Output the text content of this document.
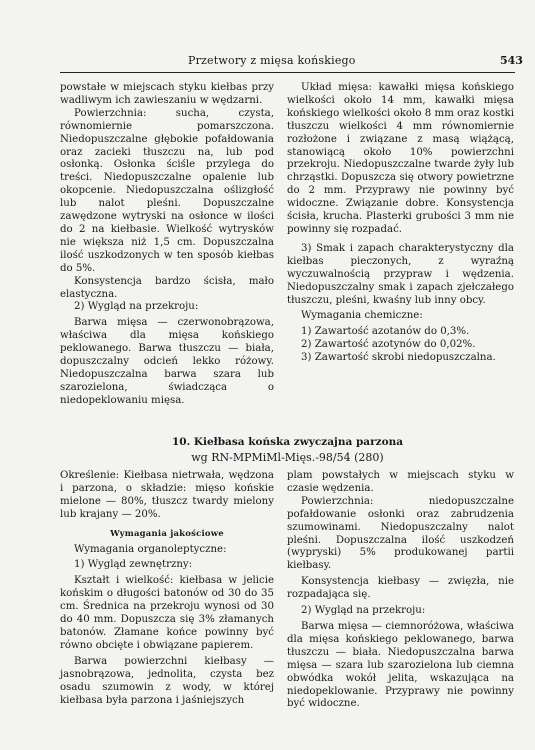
Przetwory z mięsa końskiego	543

powstałe w miejscach styku kiełbas przy wadliwym ich zawieszaniu w wędzarni.

Powierzchnia: sucha, czysta, równomiernie pomarszczona. Niedopuszczalne głębokie pofałdowania oraz zacieki tłuszczu na, lub pod osłonką. Osłonka ściśle przylega do treści. Niedopuszczalne opalenie lub okopcenie. Niedopuszczalna oślizgłość lub nalot pleśni. Dopuszczalne zawędzone wytryski na osłonce w ilości do 2 na kiełbasie. Wielkość wytrysków nie większa niż 1,5 cm. Dopuszczalna ilość uszkodzonych w ten sposób kiełbas do 5%.

Konsystencja bardzo ścisła, mało elastyczna.

2) Wygląd na przekroju:

Barwa mięsa — czerwonobrązowa, właściwa dla mięsa końskiego peklowanego. Barwa tłuszczu — biała, dopuszczalny odcień lekko różowy. Niedopuszczalna barwa szara lub szarozielona, świadcząca o niedopeklowaniu mięsa.

Układ mięsa: kawałki mięsa końskiego wielkości około 14 mm, kawałki mięsa końskiego wielkości około 8 mm oraz kostki tłuszczu wielkości 4 mm równomiernie rozłożone i związane z masą wiążącą, stanowiącą około 10% powierzchni przekroju. Niedopuszczalne twarde żyły lub chrząstki. Dopuszcza się otwory powietrzne do 2 mm. Przyprawy nie powinny być widoczne. Związanie dobre. Konsystencja ścisła, krucha. Plasterki grubości 3 mm nie powinny się rozpadać.

3) Smak i zapach charakterystyczny dla kiełbas pieczonych, z wyraźną wyczuwalnością przypraw i wędzenia. Niedopuszczalny smak i zapach zjełczałego tłuszczu, pleśni, kwaśny lub inny obcy.

Wymagania chemiczne:

1) Zawartość azotanów do 0,3%.

2) Zawartość azotynów do 0,02%.

3) Zawartość skrobi niedopuszczalna.

10. Kiełbasa końska zwyczajna parzona
wg RN-MPMiMl-Mięs.-98/54 (280)

Określenie: Kiełbasa nietrwała, wędzona i parzona, o składzie: mięso końskie mielone — 80%, tłuszcz twardy mielony lub krajany — 20%.

Wymagania jakościowe

Wymagania organoleptyczne:

1) Wygląd zewnętrzny:

Kształt i wielkość: kiełbasa w jelicie końskim o długości batonów od 30 do 35 cm. Średnica na przekroju wynosi od 30 do 40 mm. Dopuszcza się 3% złamanych batonów. Złamane końce powinny być równo obcięte i obwiązane papierem.

Barwa powierzchni kiełbasy — jasnobrązowa, jednolita, czysta bez osadu szumowin z wody, w której kiełbasa była parzona i jaśniejszych

plam powstałych w miejscach styku w czasie wędzenia.

Powierzchnia: niedopuszczalne pofałdowanie osłonki oraz zabrudzenia szumowinami. Niedopuszczalny nalot pleśni. Dopuszczalna ilość uszkodzeń (wypryski) 5% produkowanej partii kiełbasy.

Konsystencja kiełbasy — zwięzła, nie rozpadająca się.

2) Wygląd na przekroju:

Barwa mięsa — ciemnoróżowa, właściwa dla mięsa końskiego peklowanego, barwa tłuszczu — biała. Niedopuszczalna barwa mięsa — szara lub szarozielona lub ciemna obwódka wokół jelita, wskazująca na niedopeklowanie. Przyprawy nie powinny być widoczne.
